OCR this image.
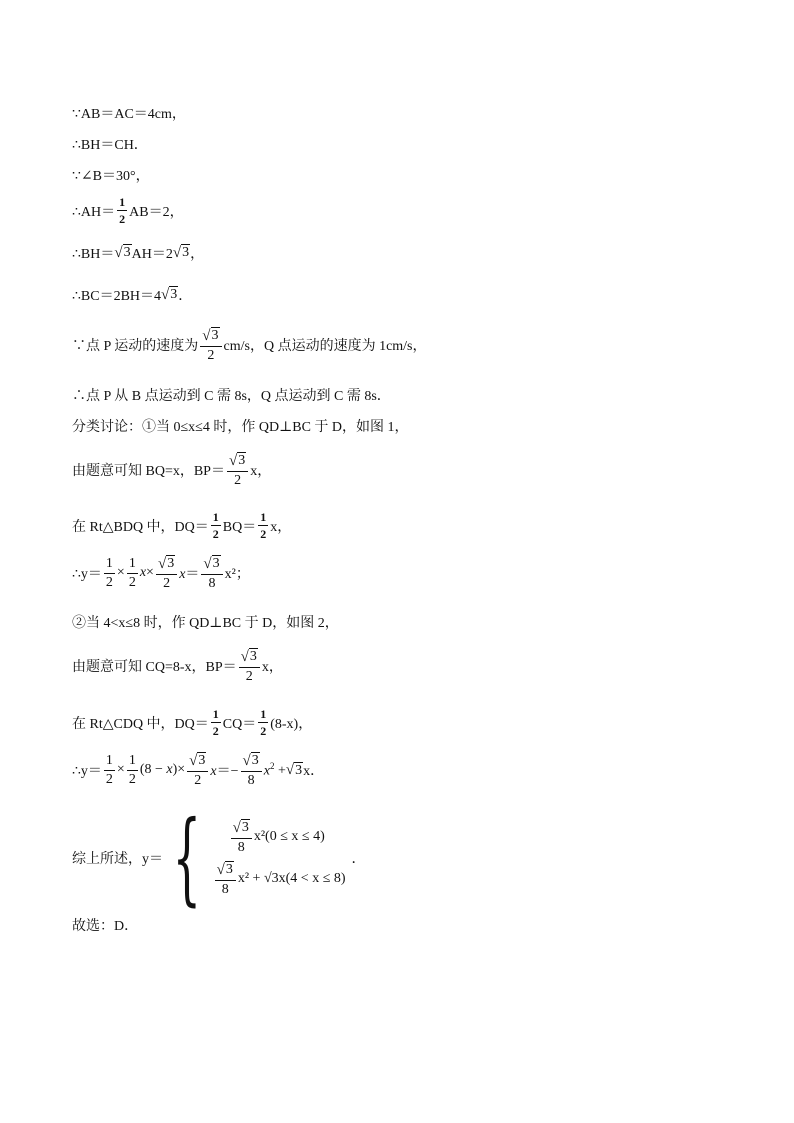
∵AB＝AC＝4cm，
∴BH＝CH．
∵∠B＝30°，
∴AH＝ $\frac{1}{2} AB=2$，
∴BH＝ √ 3 AH＝2 √ 3 ，
∴BC＝2BH＝4 √ 3 ．
∵点 P 运动的速度为 $\frac{√ 3}{2} cm/s$，Q 点运动的速度为 1cm/s，
∴点 P 从 B 点运动到 C 需 8s，Q 点运动到 C 需 8s．
分类讨论：①当 0≤x≤4 时，作 QD⊥BC 于 D，如图 1，
由题意可知 BQ=x，$BP= \frac{√ 3}{2}$ x，
在 Rt△BDQ 中，$DQ= \frac{1}{2} BQ= \frac{1}{2}$ x，
∴y＝ $\frac{1}{2} \times \frac{1}{2} x\times \frac{√ 3}{2} x= \frac{√ 3}{8} x^2$；
②当 4<x≤8 时，作 QD⊥BC 于 D，如图 2，
由题意可知 CQ=8-x，$BP= \frac{√ 3}{2}$ x，
在 Rt△CDQ 中，$DQ= \frac{1}{2} CQ= \frac{1}{2} (8-x)$，
∴y＝ $\frac{1}{2} \times \frac{1}{2} (8 - x)\times \frac{√ 3}{2} x=- \frac{√ 3}{8} x^2$ + √ 3 x．
综上所述，y＝ { $\frac{√ 3}{8} x^2(0 \le x \le 4)$
$\frac{√ 3}{8} x^2 + √3x(4 < x \le 8)$
．
故选：D．
